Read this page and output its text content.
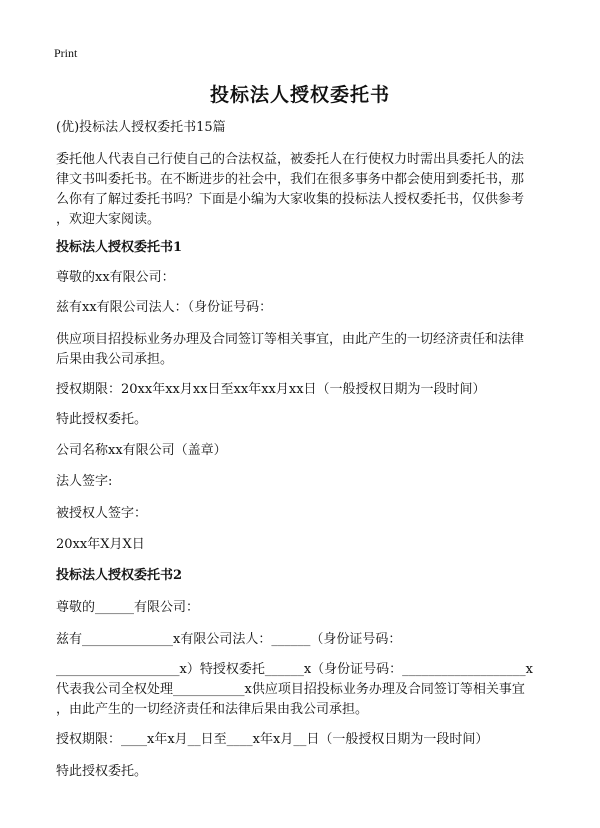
Print
投标法人授权委托书
(优)投标法人授权委托书15篇
委托他人代表自己行使自己的合法权益，被委托人在行使权力时需出具委托人的法
律文书叫委托书。在不断进步的社会中，我们在很多事务中都会使用到委托书，那
么你有了解过委托书吗？下面是小编为大家收集的投标法人授权委托书，仅供参考
，欢迎大家阅读。
投标法人授权委托书1
尊敬的xx有限公司：
兹有xx有限公司法人：（身份证号码：
供应项目招投标业务办理及合同签订等相关事宜，由此产生的一切经济责任和法律
后果由我公司承担。
授权期限：20xx年xx月xx日至xx年xx月xx日（一般授权日期为一段时间）
特此授权委托。
公司名称xx有限公司（盖章）
法人签字:
被授权人签字：
20xx年X月X日
投标法人授权委托书2
尊敬的______有限公司：
兹有______________x有限公司法人：______（身份证号码：
___________________x）特授权委托______x（身份证号码：___________________x
代表我公司全权处理___________x供应项目招投标业务办理及合同签订等相关事宜
，由此产生的一切经济责任和法律后果由我公司承担。
授权期限：____x年x月__日至____x年x月__日（一般授权日期为一段时间）
特此授权委托。
